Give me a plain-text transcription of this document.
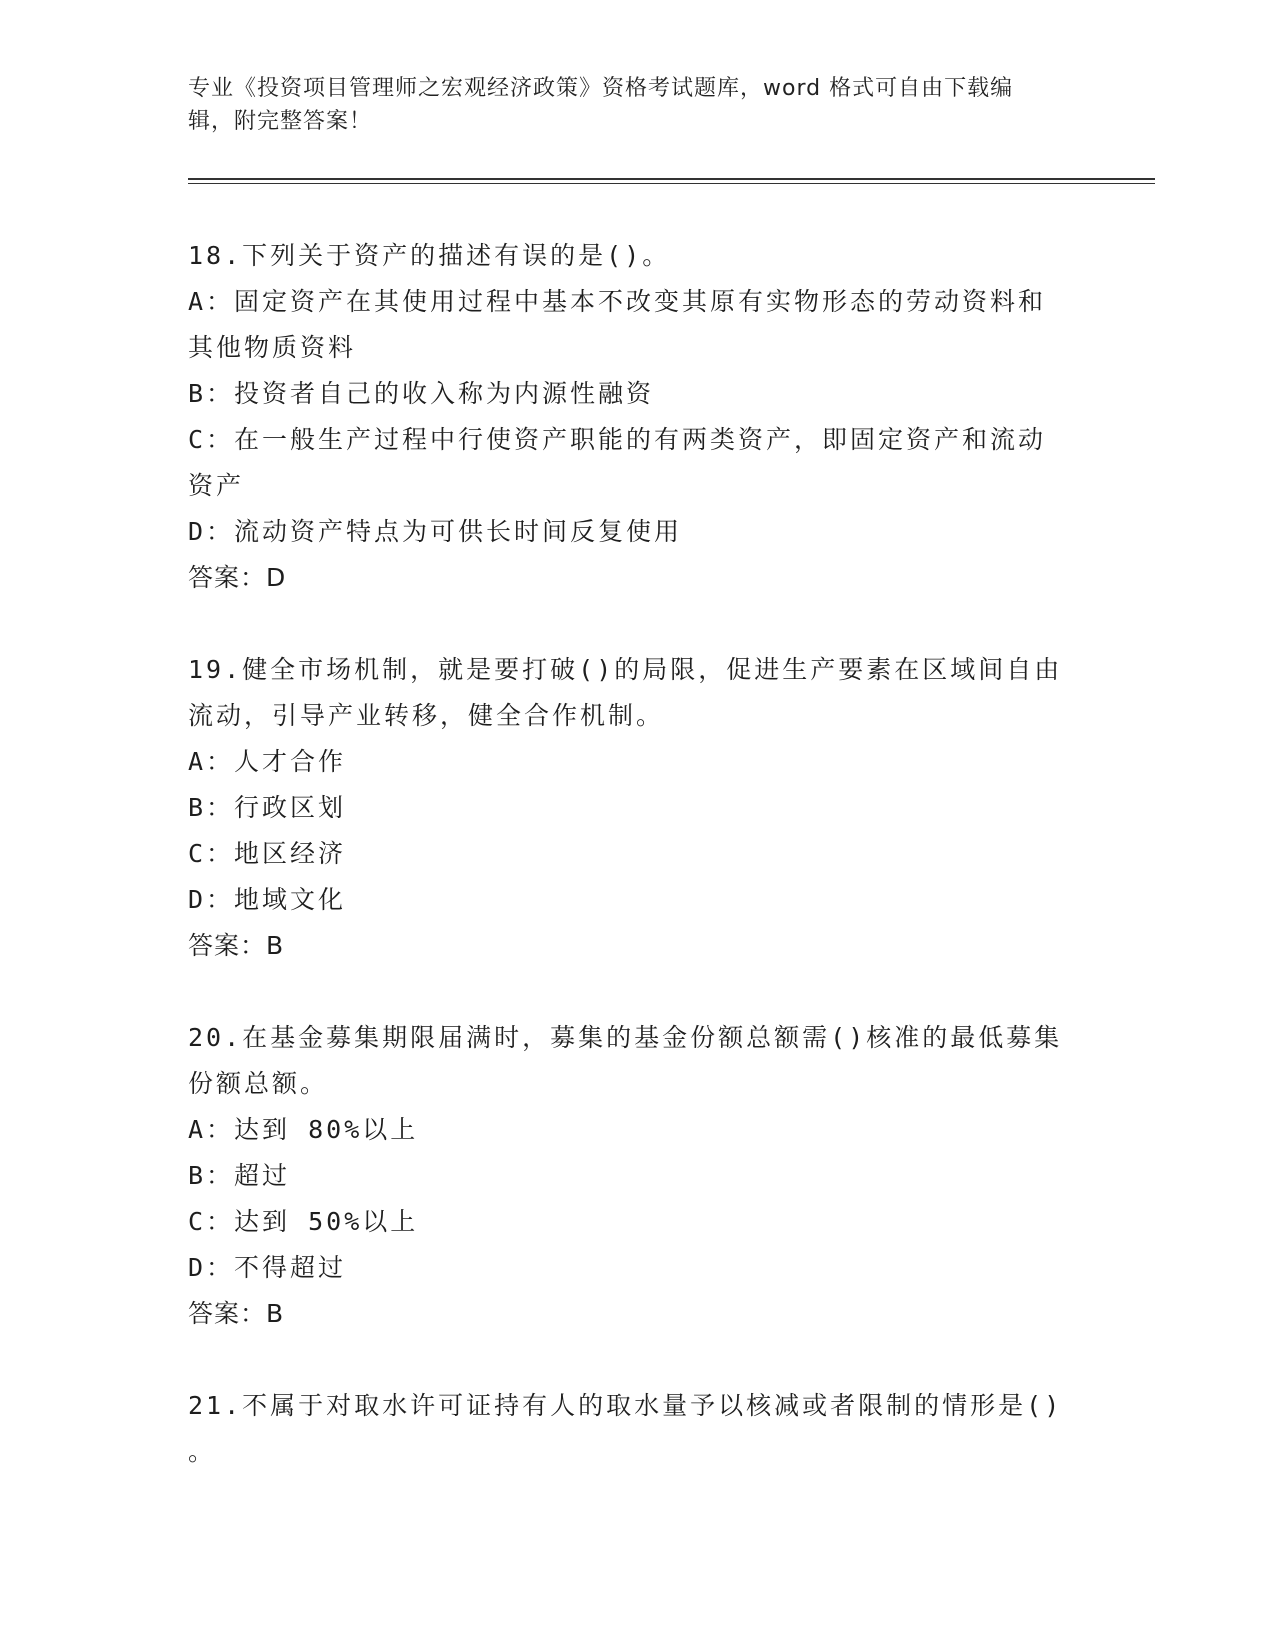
专业《投资项目管理师之宏观经济政策》资格考试题库，word 格式可自由下载编
辑，附完整答案！
18.下列关于资产的描述有误的是()。
A：固定资产在其使用过程中基本不改变其原有实物形态的劳动资料和
其他物质资料
B：投资者自己的收入称为内源性融资
C：在一般生产过程中行使资产职能的有两类资产，即固定资产和流动
资产
D：流动资产特点为可供长时间反复使用
答案：D
19.健全市场机制，就是要打破()的局限，促进生产要素在区域间自由
流动，引导产业转移，健全合作机制。
A：人才合作
B：行政区划
C：地区经济
D：地域文化
答案：B
20.在基金募集期限届满时，募集的基金份额总额需()核准的最低募集
份额总额。
A：达到 80%以上
B：超过
C：达到 50%以上
D：不得超过
答案：B
21.不属于对取水许可证持有人的取水量予以核减或者限制的情形是()
。
